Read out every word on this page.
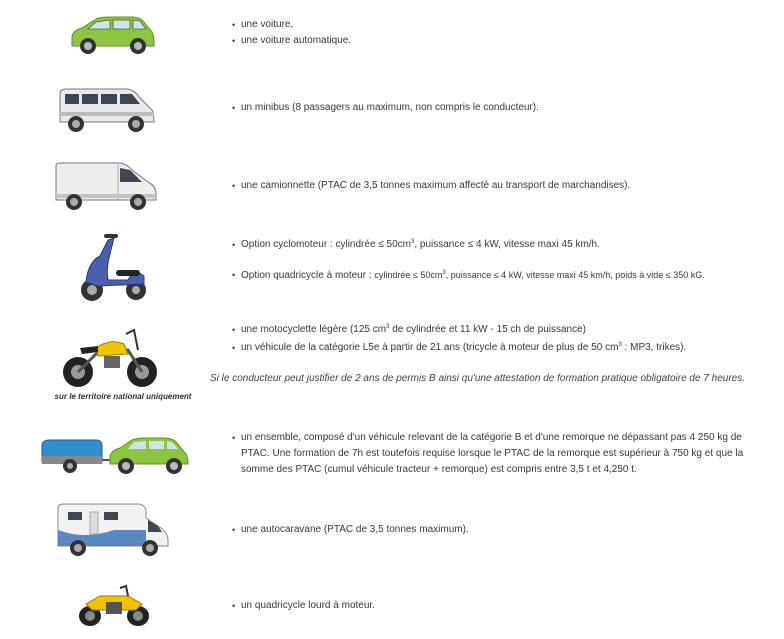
• une voiture,
• une voiture automatique.
• un minibus (8 passagers au maximum, non compris le conducteur).
• une camionnette (PTAC de 3,5 tonnes maximum affecté au transport de marchandises).
• Option cyclomoteur : cylindrée ≤ $50cm^3$, puissance ≤ 4 kW, vitesse maxi 45 km/h.
• Option quadricycle à moteur : cylindrée ≤ $50cm^3$, puissance ≤ 4 kW, vitesse maxi 45 km/h, poids à vide ≤ 350 kG.
sur le territoire national uniquement
• une motocyclette légère (125 $cm^3$ de cylindrée et 11 kW - 15 ch de puissance)
• un véhicule de la catégorie L5e à partir de 21 ans (tricycle à moteur de plus de 50 $cm^3$ : MP3, trikes).
Si le conducteur peut justifier de 2 ans de permis B ainsi qu'une attestation de formation pratique obligatoire de 7 heures.
• un ensemble, composé d'un véhicule relevant de la catégorie B et d'une remorque ne dépassant pas 4 250 kg de PTAC. Une formation de 7h est toutefois requise lorsque le PTAC de la remorque est supérieur à 750 kg et que la somme des PTAC (cumul véhicule tracteur + remorque) est compris entre 3,5 t et 4,250 t.
• une autocaravane (PTAC de 3,5 tonnes maximum).
• un quadricycle lourd à moteur.
